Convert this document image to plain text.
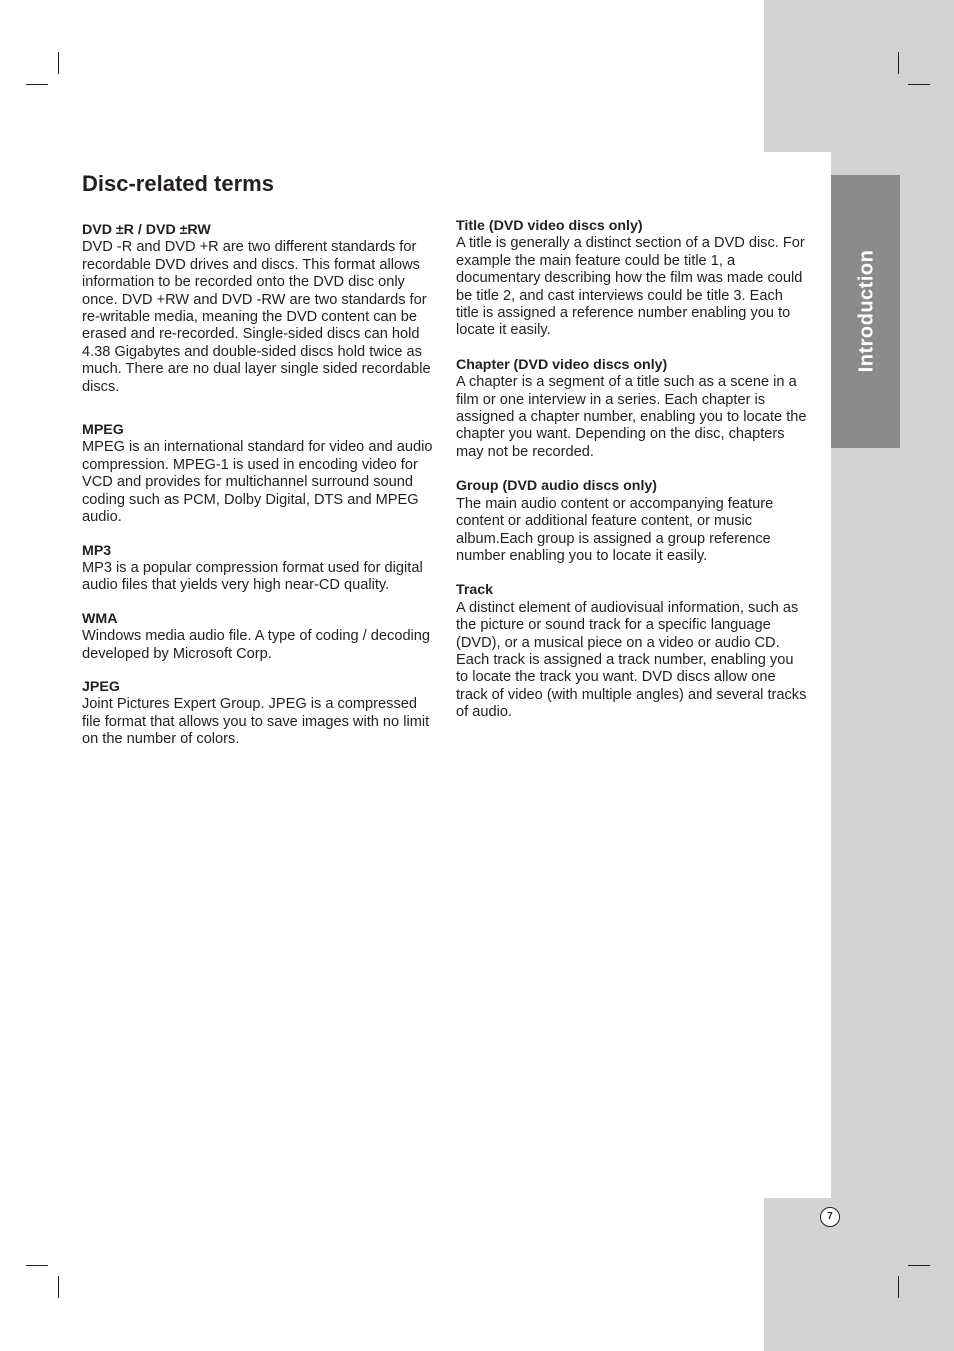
Introduction
Disc-related terms
DVD ±R / DVD ±RW
DVD -R and DVD +R are two different standards for
recordable DVD drives and discs. This format allows
information to be recorded onto the DVD disc only
once. DVD +RW and DVD -RW are two standards for
re-writable media, meaning the DVD content can be
erased and re-recorded. Single-sided discs can hold
4.38 Gigabytes and double-sided discs hold twice as
much. There are no dual layer single sided recordable
discs.
MPEG
MPEG is an international standard for video and audio
compression. MPEG-1 is used in encoding video for
VCD and provides for multichannel surround sound
coding such as PCM, Dolby Digital, DTS and MPEG
audio.
MP3
MP3 is a popular compression format used for digital
audio files that yields very high near-CD quality.
WMA
Windows media audio file. A type of coding / decoding
developed by Microsoft Corp.
JPEG
Joint Pictures Expert Group. JPEG is a compressed
file format that allows you to save images with no limit
on the number of colors.
Title (DVD video discs only)
A title is generally a distinct section of a DVD disc. For
example the main feature could be title 1, a
documentary describing how the film was made could
be title 2, and cast interviews could be title 3. Each
title is assigned a reference number enabling you to
locate it easily.
Chapter (DVD video discs only)
A chapter is a segment of a title such as a scene in a
film or one interview in a series. Each chapter is
assigned a chapter number, enabling you to locate the
chapter you want. Depending on the disc, chapters
may not be recorded.
Group (DVD audio discs only)
The main audio content or accompanying feature
content or additional feature content, or music
album.Each group is assigned a group reference
number enabling you to locate it easily.
Track
A distinct element of audiovisual information, such as
the picture or sound track for a specific language
(DVD), or a musical piece on a video or audio CD.
Each track is assigned a track number, enabling you
to locate the track you want. DVD discs allow one
track of video (with multiple angles) and several tracks
of audio.
7
